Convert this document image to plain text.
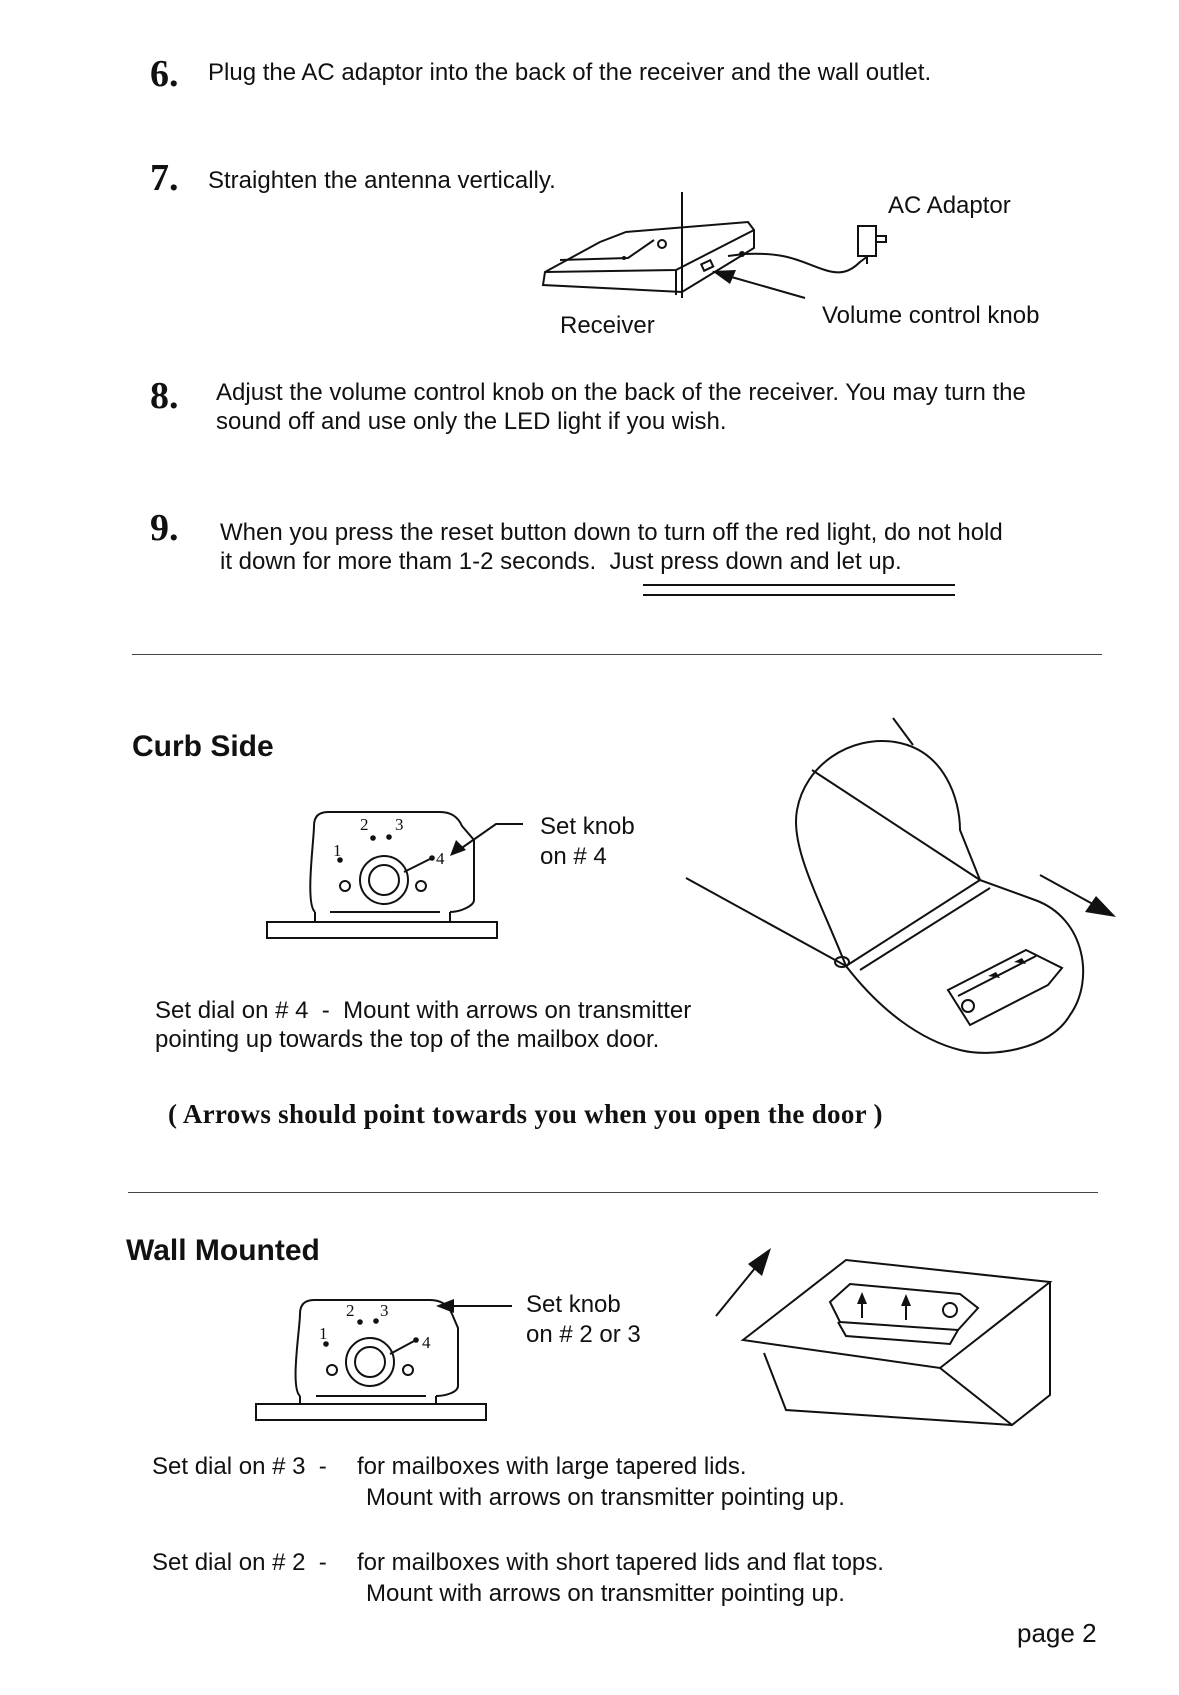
6. Plug the AC adaptor into the back of the receiver and the wall outlet.
7. Straighten the antenna vertically.
AC Adaptor
Receiver	Volume control knob
8. Adjust the volume control knob on the back of the receiver. You may turn the sound off and use only the LED light if you wish.
9. When you press the reset button down to turn off the red light, do not hold
it down for more tham 1-2 seconds.  Just press down and let up.
Curb Side
1
2 3
4
Set knob
on # 4
Set dial on # 4  -  Mount with arrows on transmitter
pointing up towards the top of the mailbox door.
( Arrows should point towards you when you open the door )
Wall Mounted
1
2 3
4
Set knob
on # 2 or 3
Set dial on # 3  - for mailboxes with large tapered lids.
Mount with arrows on transmitter pointing up.
Set dial on # 2  - for mailboxes with short tapered lids and flat tops.
Mount with arrows on transmitter pointing up.
page 2
